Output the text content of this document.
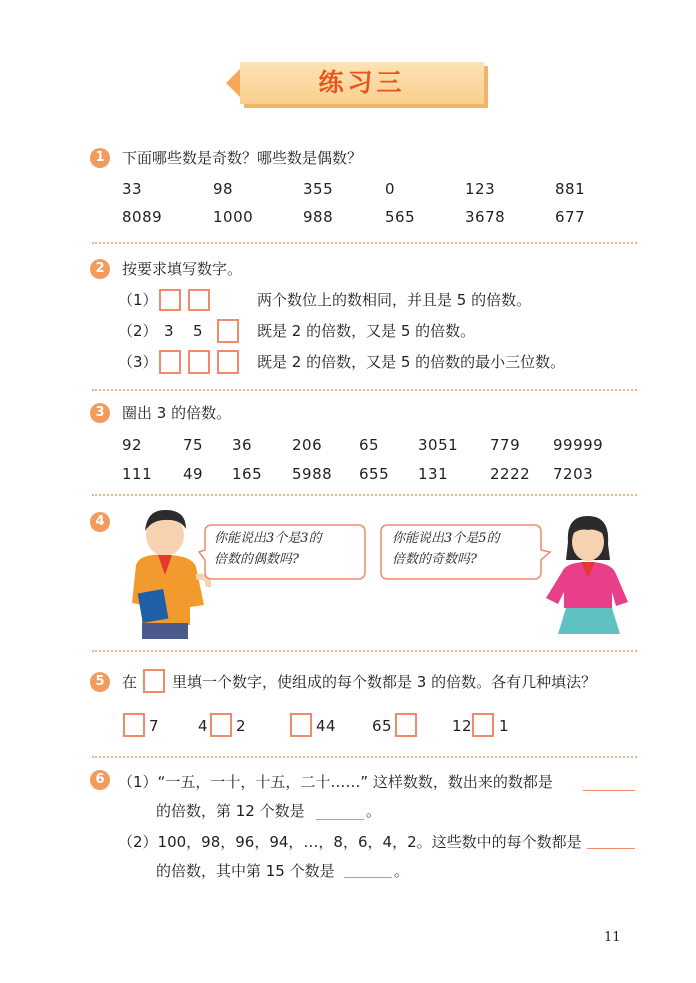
练习三
1	下面哪些数是奇数？哪些数是偶数？
33	98	355	0	123	881
8089	1000	988	565	3678	677
2	按要求填写数字。
（1）	两个数位上的数相同，并且是 5 的倍数。
（2） 3 5	既是 2 的倍数，又是 5 的倍数。
（3）	既是 2 的倍数，又是 5 的倍数的最小三位数。
3	圈出 3 的倍数。
92	75 36	206 65	3051 779 99999
111 49 165 5988 655 131	2222 7203
4
你能说出3个是3的
倍数的偶数吗?
你能说出3个是5的
倍数的奇数吗?
5	在 里填一个数字，使组成的每个数都是 3 的倍数。各有几种填法？
7	4 2	44 65	12 1
6 （1）“一五，一十，十五，二十……” 这样数数，数出来的数都是
的倍数，第 12 个数是	。
（2）100，98，96，94，…，8，6，4，2。这些数中的每个数都是
的倍数，其中第 15 个数是	。
11
